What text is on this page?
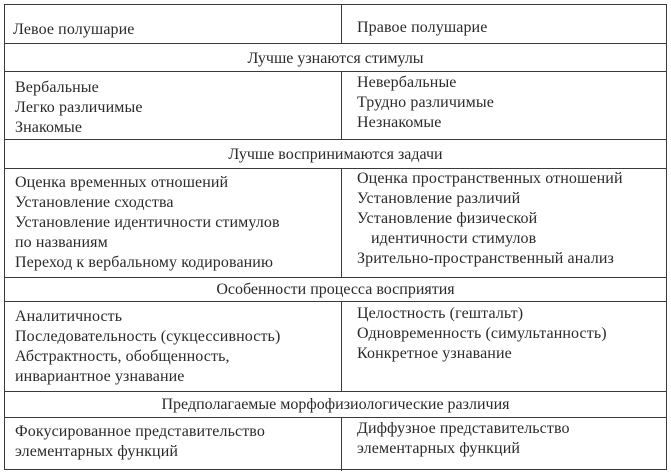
Левое полушарие	Правое полушарие
Лучше узнаются стимулы
Вербальные
Легко различимые
Знакомые
Невербальные
Трудно различимые
Незнакомые
Лучше воспринимаются задачи
Оценка временных отношений
Установление сходства
Установление идентичности стимулов
по названиям
Переход к вербальному кодированию
Оценка пространственных отношений
Установление различий
Установление физической
идентичности стимулов
Зрительно-пространственный анализ
Особенности процесса восприятия
Аналитичность
Последовательность (сукцессивность)
Абстрактность, обобщенность,
инвариантное узнавание
Целостность (гештальт)
Одновременность (симультанность)
Конкретное узнавание
Предполагаемые морфофизиологические различия
Фокусированное представительство
элементарных функций
Диффузное представительство
элементарных функций
